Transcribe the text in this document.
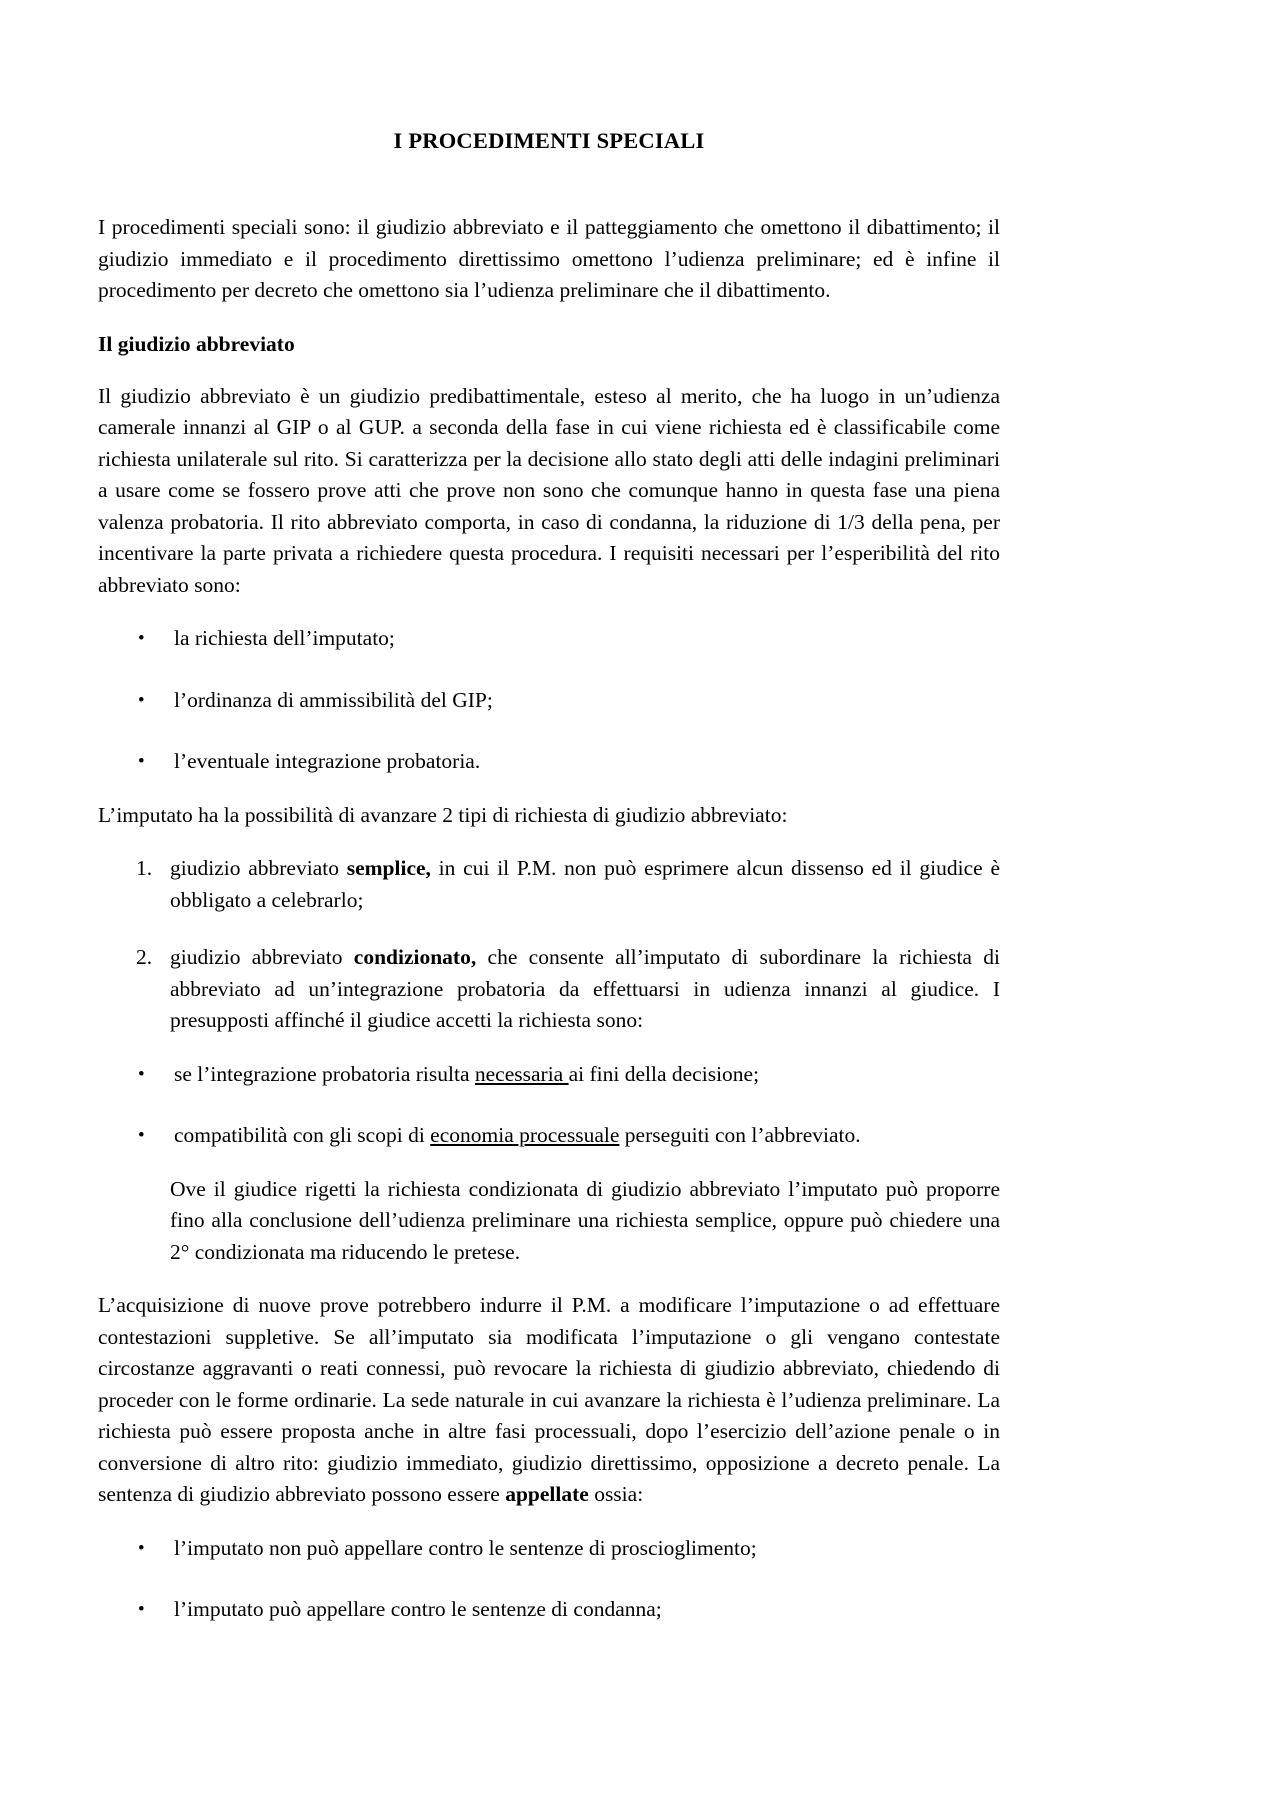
I PROCEDIMENTI SPECIALI

I procedimenti speciali sono: il giudizio abbreviato e il patteggiamento che omettono il dibattimento; il giudizio immediato e il procedimento direttissimo omettono l’udienza preliminare; ed è infine il procedimento per decreto che omettono sia l’udienza preliminare che il dibattimento.

Il giudizio abbreviato

Il giudizio abbreviato è un giudizio predibattimentale, esteso al merito, che ha luogo in un’udienza camerale innanzi al GIP o al GUP. a seconda della fase in cui viene richiesta ed è classificabile come richiesta unilaterale sul rito. Si caratterizza per la decisione allo stato degli atti delle indagini preliminari a usare come se fossero prove atti che prove non sono che comunque hanno in questa fase una piena valenza probatoria. Il rito abbreviato comporta, in caso di condanna, la riduzione di 1/3 della pena, per incentivare la parte privata a richiedere questa procedura. I requisiti necessari per l’esperibilità del rito abbreviato sono:

• la richiesta dell’imputato;
• l’ordinanza di ammissibilità del GIP;
• l’eventuale integrazione probatoria.

L’imputato ha la possibilità di avanzare 2 tipi di richiesta di giudizio abbreviato:

1. giudizio abbreviato semplice, in cui il P.M. non può esprimere alcun dissenso ed il giudice è obbligato a celebrarlo;
2. giudizio abbreviato condizionato, che consente all’imputato di subordinare la richiesta di abbreviato ad un’integrazione probatoria da effettuarsi in udienza innanzi al giudice. I presupposti affinché il giudice accetti la richiesta sono:
• se l’integrazione probatoria risulta necessaria ai fini della decisione;
• compatibilità con gli scopi di economia processuale perseguiti con l’abbreviato.

Ove il giudice rigetti la richiesta condizionata di giudizio abbreviato l’imputato può proporre fino alla conclusione dell’udienza preliminare una richiesta semplice, oppure può chiedere una 2° condizionata ma riducendo le pretese.

L’acquisizione di nuove prove potrebbero indurre il P.M. a modificare l’imputazione o ad effettuare contestazioni suppletive. Se all’imputato sia modificata l’imputazione o gli vengano contestate circostanze aggravanti o reati connessi, può revocare la richiesta di giudizio abbreviato, chiedendo di proceder con le forme ordinarie. La sede naturale in cui avanzare la richiesta è l’udienza preliminare. La richiesta può essere proposta anche in altre fasi processuali, dopo l’esercizio dell’azione penale o in conversione di altro rito: giudizio immediato, giudizio direttissimo, opposizione a decreto penale. La sentenza di giudizio abbreviato possono essere appellate ossia:

• l’imputato non può appellare contro le sentenze di proscioglimento;
• l’imputato può appellare contro le sentenze di condanna;
